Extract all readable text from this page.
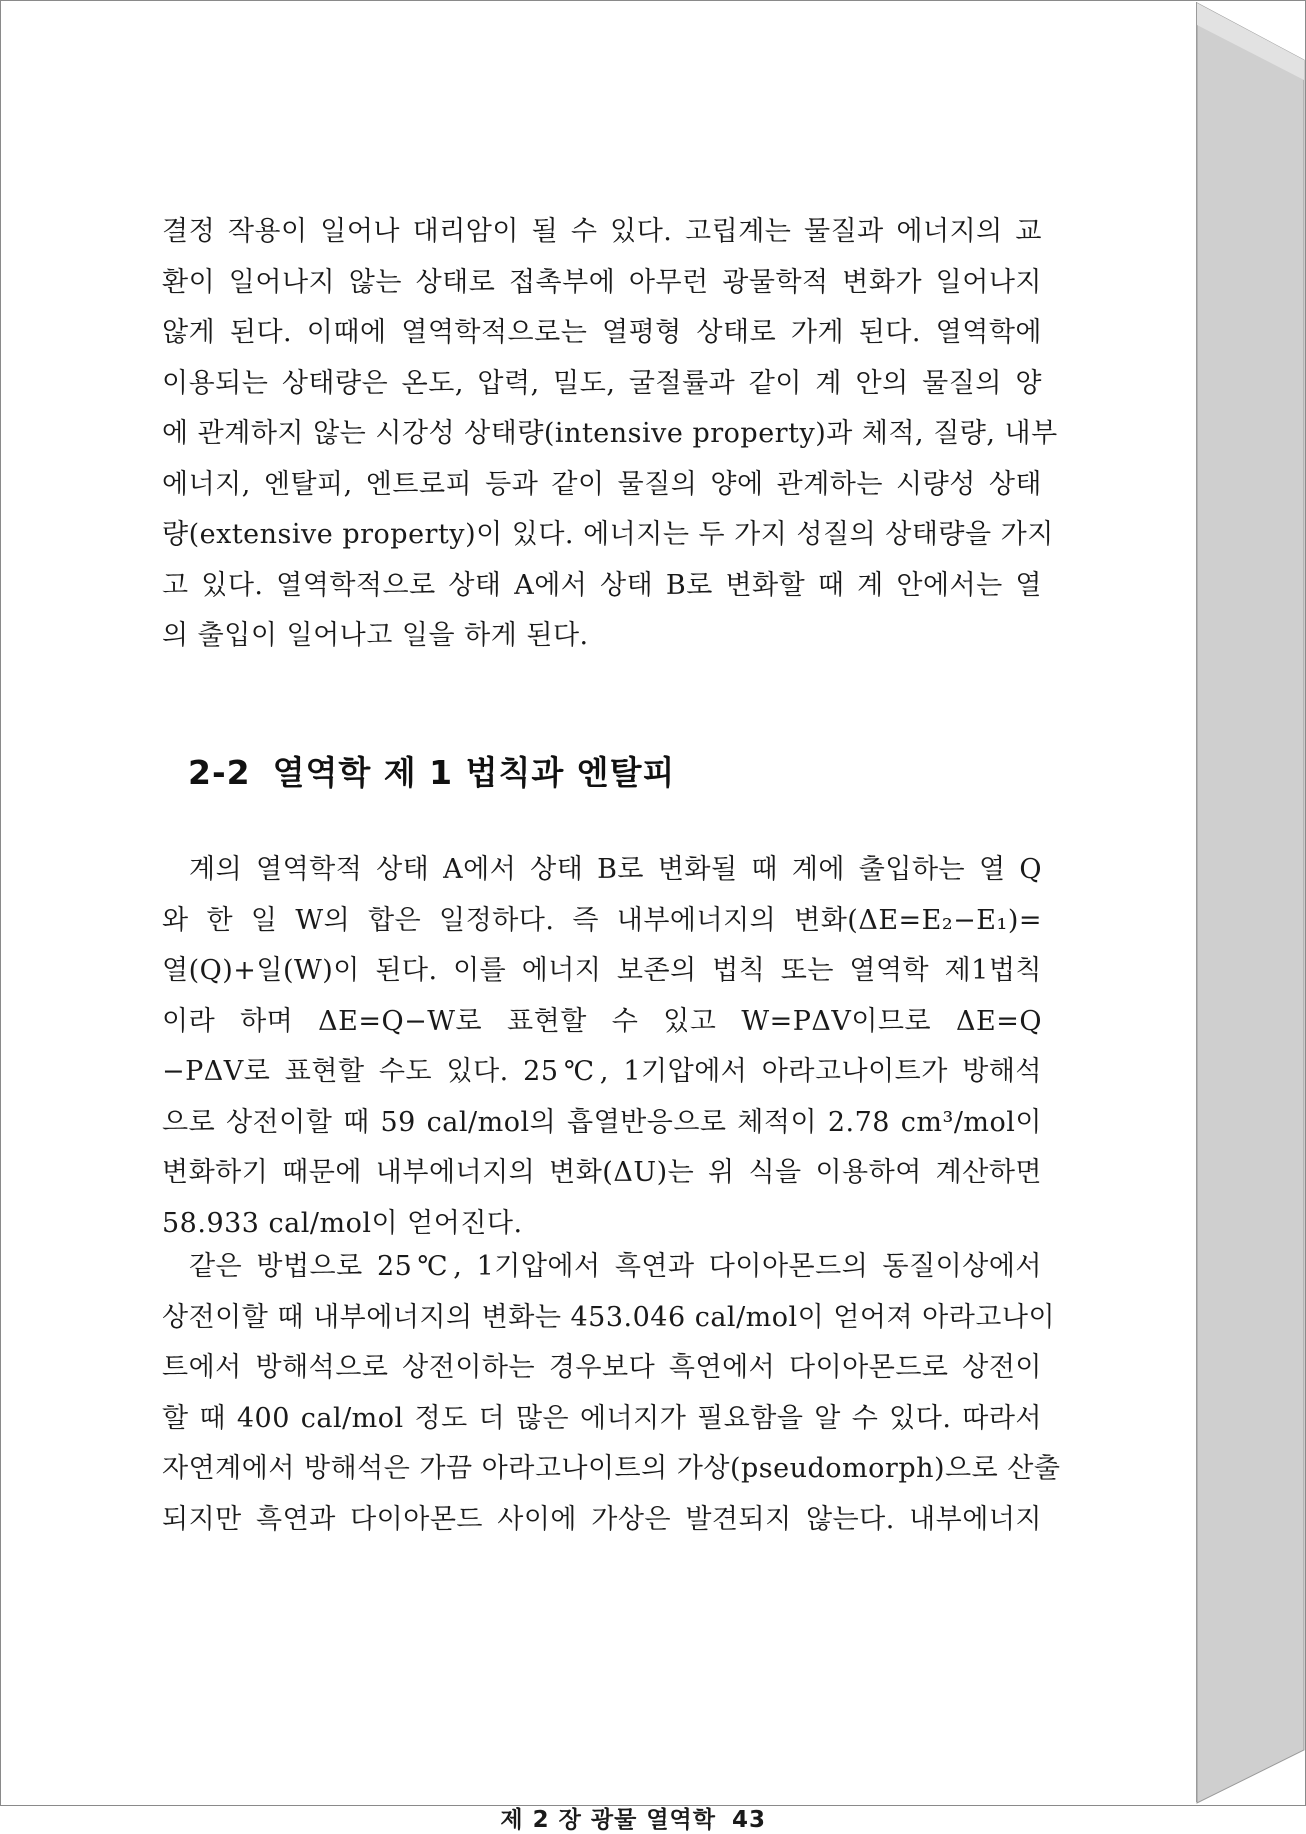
결정 작용이 일어나 대리암이 될 수 있다. 고립계는 물질과 에너지의 교
환이 일어나지 않는 상태로 접촉부에 아무런 광물학적 변화가 일어나지
않게 된다. 이때에 열역학적으로는 열평형 상태로 가게 된다. 열역학에
이용되는 상태량은 온도, 압력, 밀도, 굴절률과 같이 계 안의 물질의 양
에 관계하지 않는 시강성 상태량(intensive property)과 체적, 질량, 내부
에너지, 엔탈피, 엔트로피 등과 같이 물질의 양에 관계하는 시량성 상태
량(extensive property)이 있다. 에너지는 두 가지 성질의 상태량을 가지
고 있다. 열역학적으로 상태 A에서 상태 B로 변화할 때 계 안에서는 열
의 출입이 일어나고 일을 하게 된다.

2-2 열역학 제 1 법칙과 엔탈피

계의 열역학적 상태 A에서 상태 B로 변화될 때 계에 출입하는 열 Q
와 한 일 W의 합은 일정하다. 즉 내부에너지의 변화(ΔE=E₂−E₁)=
열(Q)+일(W)이 된다. 이를 에너지 보존의 법칙 또는 열역학 제1법칙
이라 하며 ΔE=Q−W로 표현할 수 있고 W=PΔV이므로 ΔE=Q
−PΔV로 표현할 수도 있다. 25℃, 1기압에서 아라고나이트가 방해석
으로 상전이할 때 59 cal/mol의 흡열반응으로 체적이 2.78 cm³/mol이
변화하기 때문에 내부에너지의 변화(ΔU)는 위 식을 이용하여 계산하면
58.933 cal/mol이 얻어진다.

같은 방법으로 25℃, 1기압에서 흑연과 다이아몬드의 동질이상에서
상전이할 때 내부에너지의 변화는 453.046 cal/mol이 얻어져 아라고나이
트에서 방해석으로 상전이하는 경우보다 흑연에서 다이아몬드로 상전이
할 때 400 cal/mol 정도 더 많은 에너지가 필요함을 알 수 있다. 따라서
자연계에서 방해석은 가끔 아라고나이트의 가상(pseudomorph)으로 산출
되지만 흑연과 다이아몬드 사이에 가상은 발견되지 않는다. 내부에너지

제 2 장 광물 열역학 43
